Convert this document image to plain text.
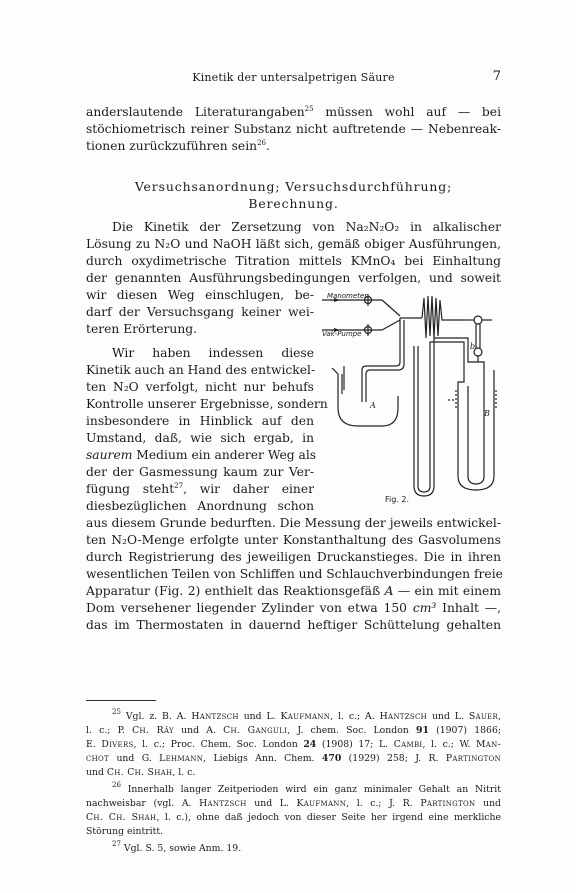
Kinetik der untersalpetrigen Säure	7
anderslautende Literaturangaben$^{25}$ müssen wohl auf — bei
stöchiometrisch reiner Substanz nicht auftretende — Nebenreak-
tionen zurückzuführen sein$^{26}$.
Versuchsanordnung; Versuchsdurchführung;
Berechnung.
Die Kinetik der Zersetzung von Na₂N₂O₂ in alkalischer
Lösung zu N₂O und NaOH läßt sich, gemäß obiger Ausführungen,
durch oxydimetrische Titration mittels KMnO₄ bei Einhaltung
der genannten Ausführungsbedingungen verfolgen, und soweit
wir diesen Weg einschlugen, be-
darf der Versuchsgang keiner wei-
teren Erörterung.
Wir haben indessen diese
Kinetik auch an Hand des entwickel-
ten N₂O verfolgt, nicht nur behufs
Kontrolle unserer Ergebnisse, sondern
insbesondere in Hinblick auf den
Umstand, daß, wie sich ergab, in
saurem Medium ein anderer Weg als
der der Gasmessung kaum zur Ver-
fügung steht$^{27}$, wir daher einer
diesbezüglichen Anordnung schon
aus diesem Grunde bedurften. Die Messung der jeweils entwickel-
ten N₂O-Menge erfolgte unter Konstanthaltung des Gasvolumens
durch Registrierung des jeweiligen Druckanstieges. Die in ihren
wesentlichen Teilen von Schliffen und Schlauchverbindungen freie
Apparatur (Fig. 2) enthielt das Reaktionsgefäß A — ein mit einem
Dom versehener liegender Zylinder von etwa 150 cm³ Inhalt —,
das im Thermostaten in dauernd heftiger Schüttelung gehalten
Manometer
Vak-Pumpe
A
B
b
Fig. 2.
$^{25}$ Vgl. z. B. A. Hantzsch und L. Kaufmann, l. c.; A. Hantzsch und L. Sauer,
l. c.; P. Ch. Rây und A. Ch. Ganguli, J. chem. Soc. London 91 (1907) 1866;
E. Divers, l. c.; Proc. Chem. Soc. London 24 (1908) 17; L. Cambi, l. c.; W. Man-
chot und G. Lehmann, Liebigs Ann. Chem. 470 (1929) 258; J. R. Partington
und Ch. Ch. Shah, l. c.
$^{26}$ Innerhalb langer Zeitperioden wird ein ganz minimaler Gehalt an Nitrit
nachweisbar (vgl. A. Hantzsch und L. Kaufmann, l. c.; J. R. Partington und
Ch. Ch. Shah, l. c.), ohne daß jedoch von dieser Seite her irgend eine merkliche
Störung eintritt.
$^{27}$ Vgl. S. 5, sowie Anm. 19.
